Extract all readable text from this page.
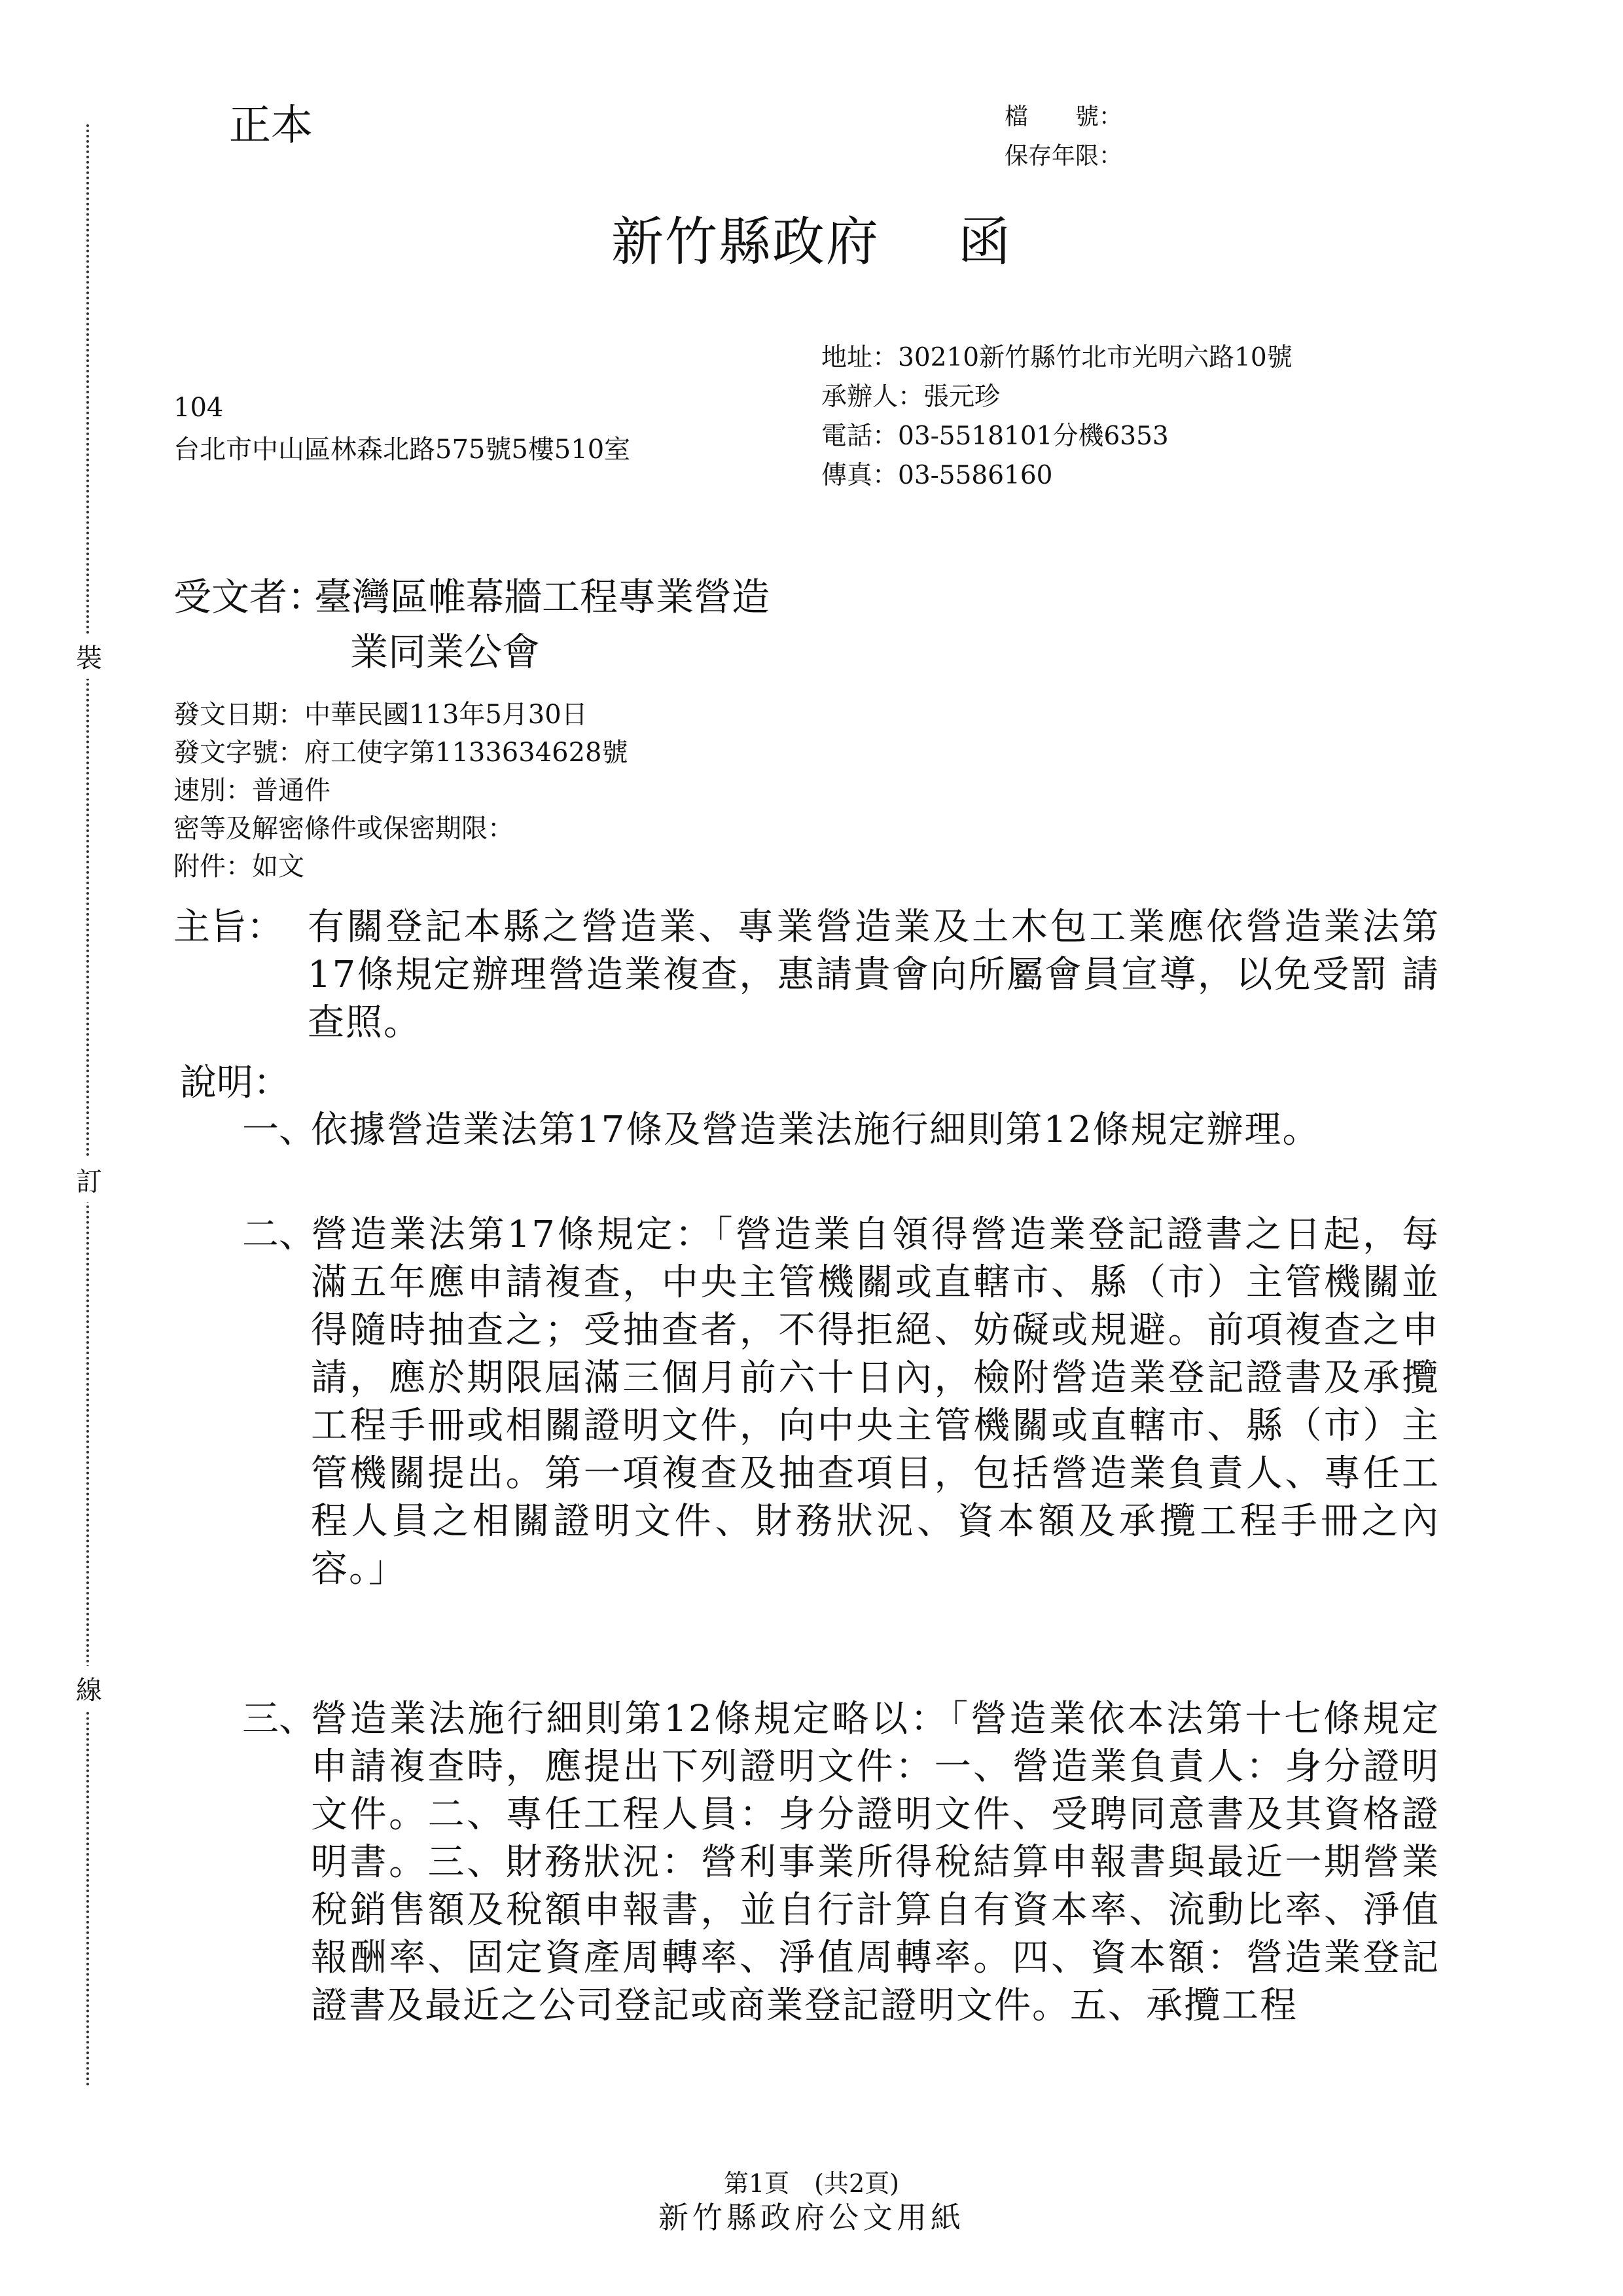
裝
訂
線
正本	檔　　號：
保存年限：
新竹縣政府 函
地址：30210新竹縣竹北市光明六路10號
承辦人：張元珍
電話：03-5518101分機6353
傳真：03-5586160
104
台北市中山區林森北路575號5樓510室
受文者：臺灣區帷幕牆工程專業營造
業同業公會
發文日期：中華民國113年5月30日
發文字號：府工使字第1133634628號
速別：普通件
密等及解密條件或保密期限：
附件：如文
主旨： 有關登記本縣之營造業、專業營造業及土木包工業應依營造業法第17條規定辦理營造業複查，惠請貴會向所屬會員宣導，以免受罰 請查照。
說明：
一、
依據營造業法第17條及營造業法施行細則第12條規定辦理。
二、
營造業法第17條規定：「營造業自領得營造業登記證書之日起，每滿五年應申請複查，中央主管機關或直轄市、縣（市）主管機關並得隨時抽查之；受抽查者，不得拒絕、妨礙或規避。前項複查之申請，應於期限屆滿三個月前六十日內，檢附營造業登記證書及承攬工程手冊或相關證明文件，向中央主管機關或直轄市、縣（市）主管機關提出。第一項複查及抽查項目，包括營造業負責人、專任工程人員之相關證明文件、財務狀況、資本額及承攬工程手冊之內容。」
三、
營造業法施行細則第12條規定略以：「營造業依本法第十七條規定申請複查時，應提出下列證明文件：一、營造業負責人：身分證明文件。二、專任工程人員：身分證明文件、受聘同意書及其資格證明書。三、財務狀況：營利事業所得稅結算申報書與最近一期營業稅銷售額及稅額申報書，並自行計算自有資本率、流動比率、淨值報酬率、固定資產周轉率、淨值周轉率。四、資本額：營造業登記證書及最近之公司登記或商業登記證明文件。五、承攬工程
第1頁　(共2頁)
新竹縣政府公文用紙
